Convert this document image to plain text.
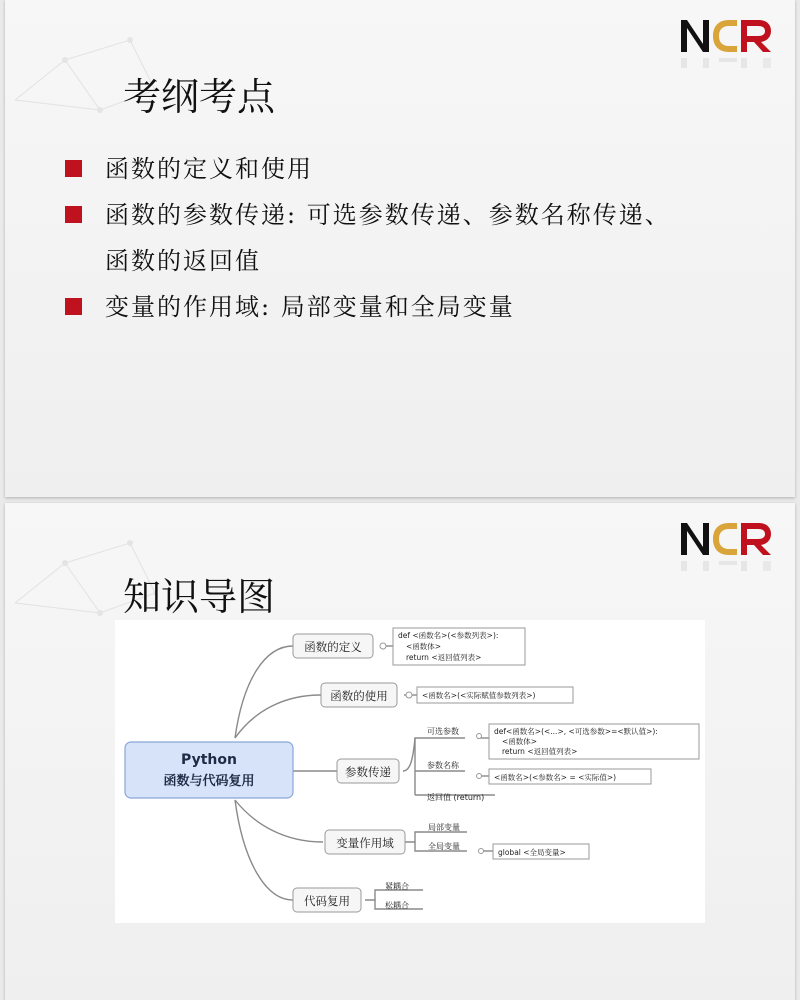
考纲考点
函数的定义和使用
函数的参数传递: 可选参数传递、参数名称传递、
函数的返回值
变量的作用域: 局部变量和全局变量
知识导图
Python
函数与代码复用
函数的定义
def <函数名>(<参数列表>):
<函数体>
return <返回值列表>
函数的使用	<函数名>(<实际赋值参数列表>)
参数传递
可选参数	def<函数名>(<...>, <可选参数>=<默认值>):
<函数体>
return <返回值列表>
参数名称
<函数名>(<参数名> = <实际值>)
返回值 (return)
变量作用域
局部变量
全局变量
global <全局变量>
代码复用
紧耦合
松耦合
